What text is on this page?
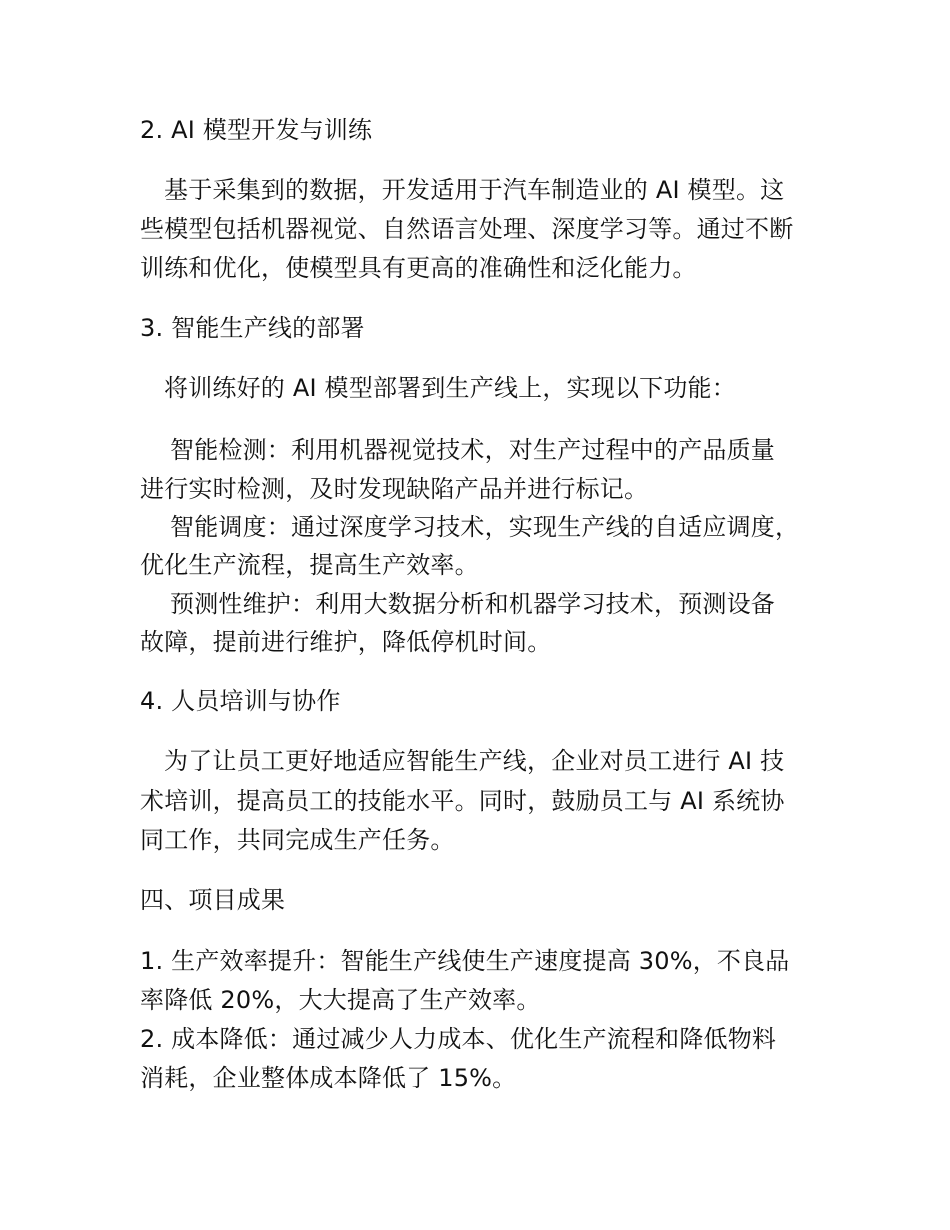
2. AI 模型开发与训练
基于采集到的数据，开发适用于汽车制造业的 AI 模型。这
些模型包括机器视觉、自然语言处理、深度学习等。通过不断
训练和优化，使模型具有更高的准确性和泛化能力。
3. 智能生产线的部署
将训练好的 AI 模型部署到生产线上，实现以下功能：
智能检测：利用机器视觉技术，对生产过程中的产品质量
进行实时检测，及时发现缺陷产品并进行标记。
智能调度：通过深度学习技术，实现生产线的自适应调度，
优化生产流程，提高生产效率。
预测性维护：利用大数据分析和机器学习技术，预测设备
故障，提前进行维护，降低停机时间。
4. 人员培训与协作
为了让员工更好地适应智能生产线，企业对员工进行 AI 技
术培训，提高员工的技能水平。同时，鼓励员工与 AI 系统协
同工作，共同完成生产任务。
四、项目成果
1. 生产效率提升：智能生产线使生产速度提高 30%，不良品
率降低 20%，大大提高了生产效率。
2. 成本降低：通过减少人力成本、优化生产流程和降低物料
消耗，企业整体成本降低了 15%。
